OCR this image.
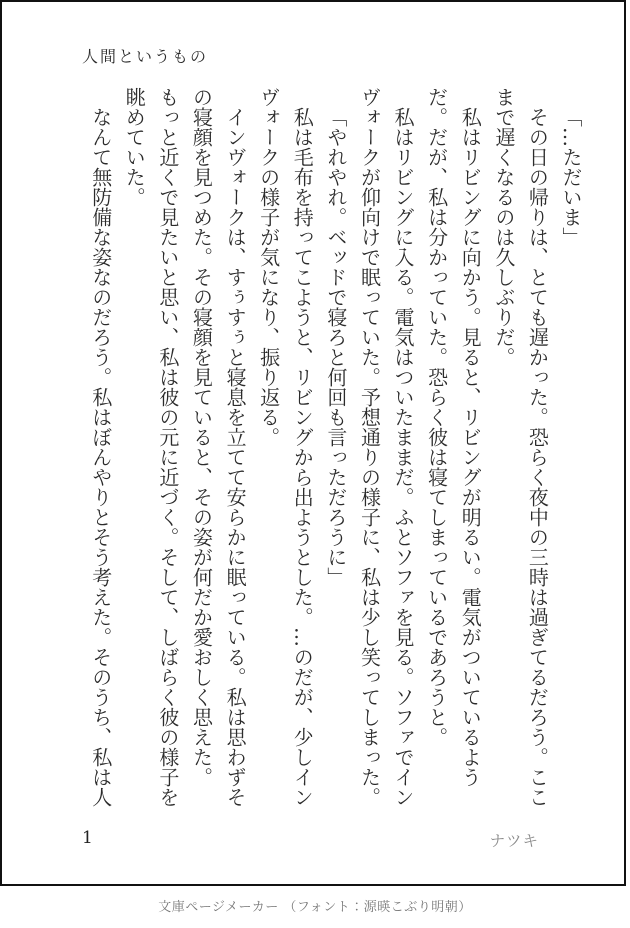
人間というもの

「…ただいま」

その日の帰りは、とても遅かった。恐らく夜中の三時は過ぎてるだろう。ここまで遅くなるのは久しぶりだ。

私はリビングに向かう。見ると、リビングが明るい。電気がついているようだ。だが、私は分かっていた。恐らく彼は寝てしまっているであろうと。

私はリビングに入る。電気はついたままだ。ふとソファを見る。ソファでインヴォークが仰向けで眠っていた。予想通りの様子に、私は少し笑ってしまった。

「やれやれ。ベッドで寝ろと何回も言っただろうに」

私は毛布を持ってこようと、リビングから出ようとした。…のだが、少しインヴォークの様子が気になり、振り返る。

インヴォークは、すぅすぅと寝息を立てて安らかに眠っている。私は思わずその寝顔を見つめた。その寝顔を見ていると、その姿が何だか愛おしく思えた。もっと近くで見たいと思い、私は彼の元に近づく。そして、しばらく彼の様子を眺めていた。

なんて無防備な姿なのだろう。私はぼんやりとそう考えた。そのうち、私は人

1	ナツキ
文庫ページメーカー （フォント：源暎こぶり明朝）
